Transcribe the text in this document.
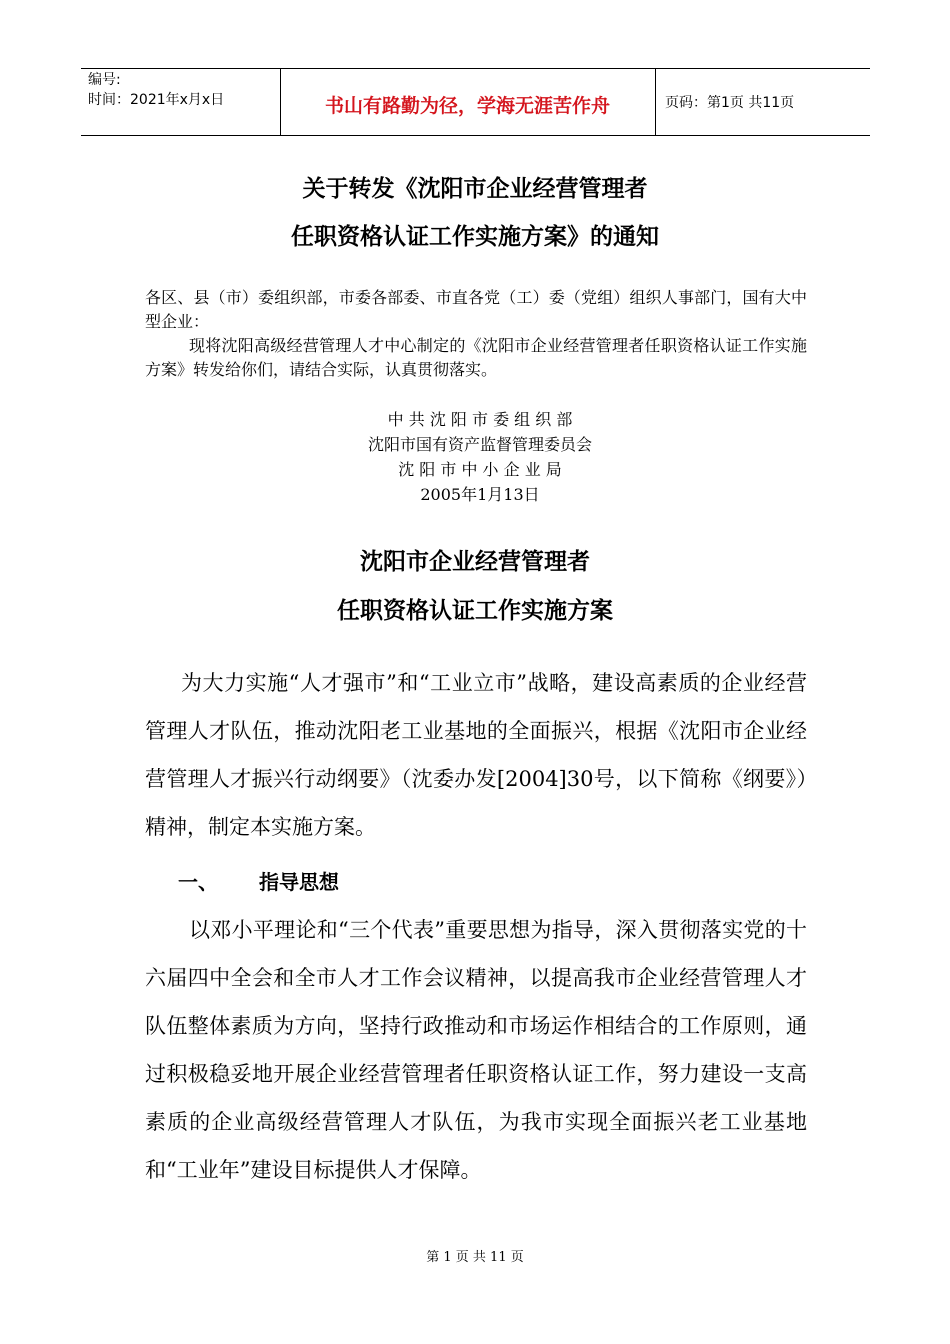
编号:
时间：2021年x月x日	书山有路勤为径，学海无涯苦作舟	页码：第1页 共11页
关于转发《沈阳市企业经营管理者
任职资格认证工作实施方案》的通知
各区、县（市）委组织部，市委各部委、市直各党（工）委（党组）组织人事部门，国有大中型企业：
现将沈阳高级经营管理人才中心制定的《沈阳市企业经营管理者任职资格认证工作实施方案》转发给你们，请结合实际，认真贯彻落实。
中 共 沈 阳 市 委 组 织 部
沈阳市国有资产监督管理委员会
沈 阳 市 中 小 企 业 局
2005年1月13日
沈阳市企业经营管理者
任职资格认证工作实施方案
为大力实施“人才强市”和“工业立市”战略，建设高素质的企业经营管理人才队伍，推动沈阳老工业基地的全面振兴，根据《沈阳市企业经营管理人才振兴行动纲要》（沈委办发[2004]30号，以下简称《纲要》）精神，制定本实施方案。
一、 指导思想
以邓小平理论和“三个代表”重要思想为指导，深入贯彻落实党的十六届四中全会和全市人才工作会议精神，以提高我市企业经营管理人才队伍整体素质为方向，坚持行政推动和市场运作相结合的工作原则，通过积极稳妥地开展企业经营管理者任职资格认证工作，努力建设一支高素质的企业高级经营管理人才队伍，为我市实现全面振兴老工业基地和“工业年”建设目标提供人才保障。
第 1 页 共 11 页
